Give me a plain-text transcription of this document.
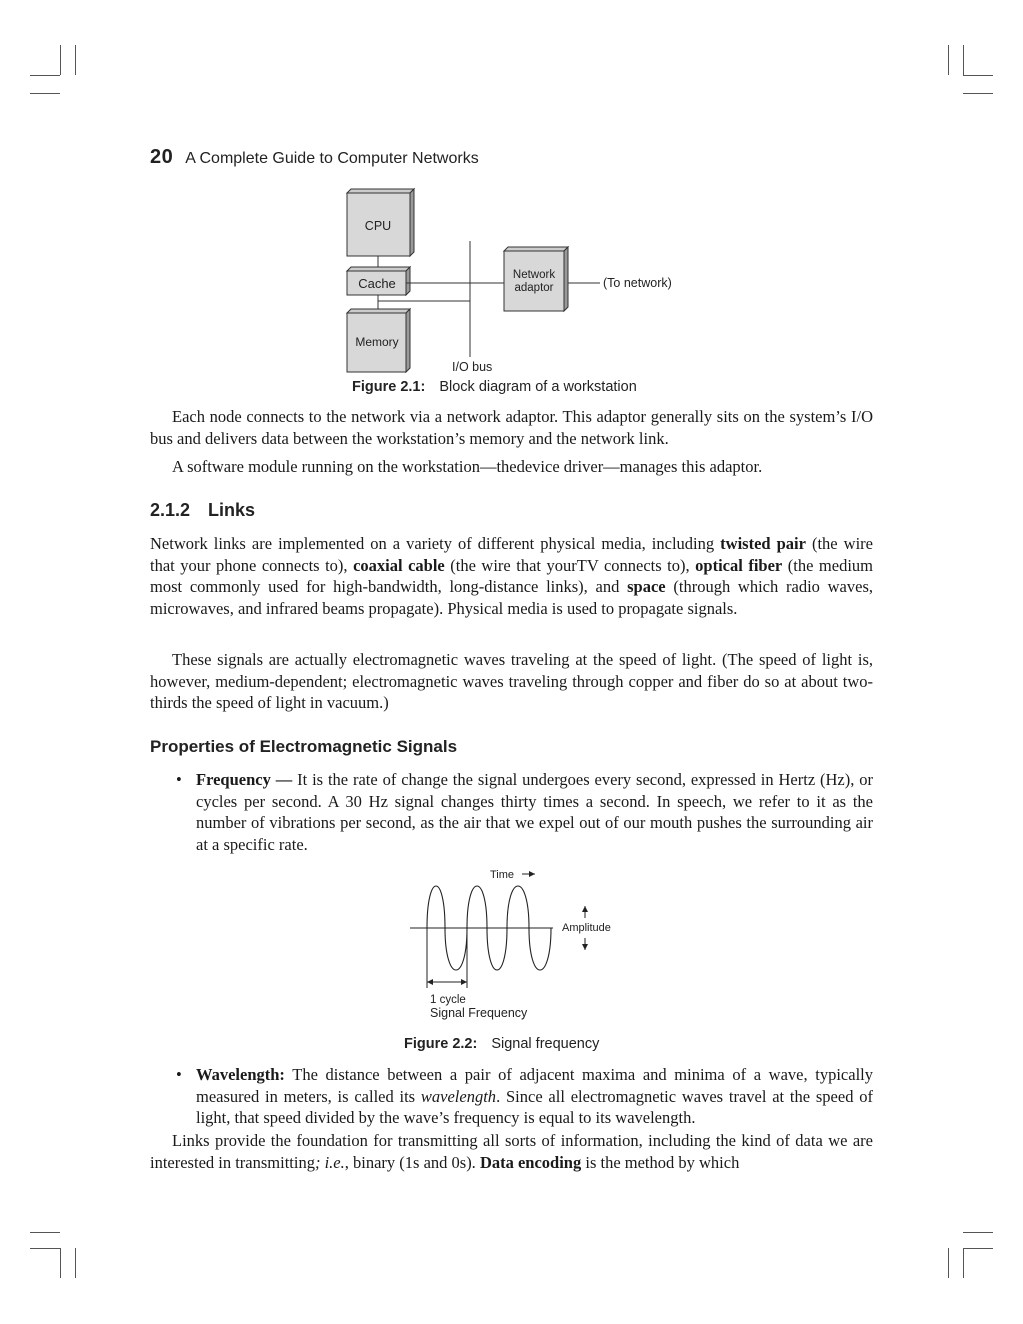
20 A Complete Guide to Computer Networks
CPU
Cache
Memory
Network
adaptor	(To network)
I/O bus
Figure 2.1: Block diagram of a workstation

Each node connects to the network via a network adaptor. This adaptor generally sits on the system’s I/O bus and delivers data between the workstation’s memory and the network link.

A software module running on the workstation—thedevice driver—manages this adaptor.

2.1.2 Links

Network links are implemented on a variety of different physical media, including twisted pair (the wire that your phone connects to), coaxial cable (the wire that yourTV connects to), optical fiber (the medium most commonly used for high-bandwidth, long-distance links), and space (through which radio waves, microwaves, and infrared beams propagate). Physical media is used to propagate signals.

These signals are actually electromagnetic waves traveling at the speed of light. (The speed of light is, however, medium-dependent; electromagnetic waves traveling through copper and fiber do so at about two-thirds the speed of light in vacuum.)

Properties of Electromagnetic Signals
• Frequency — It is the rate of change the signal undergoes every second, expressed in Hertz (Hz), or cycles per second. A 30 Hz signal changes thirty times a second. In speech, we refer to it as the number of vibrations per second, as the air that we expel out of our mouth pushes the surrounding air at a specific rate.
Time
Amplitude
1 cycle
Signal Frequency
Figure 2.2: Signal frequency
• Wavelength: The distance between a pair of adjacent maxima and minima of a wave, typically measured in meters, is called its wavelength. Since all electromagnetic waves travel at the speed of light, that speed divided by the wave’s frequency is equal to its wavelength.

Links provide the foundation for transmitting all sorts of information, including the kind of data we are interested in transmitting; i.e., binary (1s and 0s). Data encoding is the method by which
